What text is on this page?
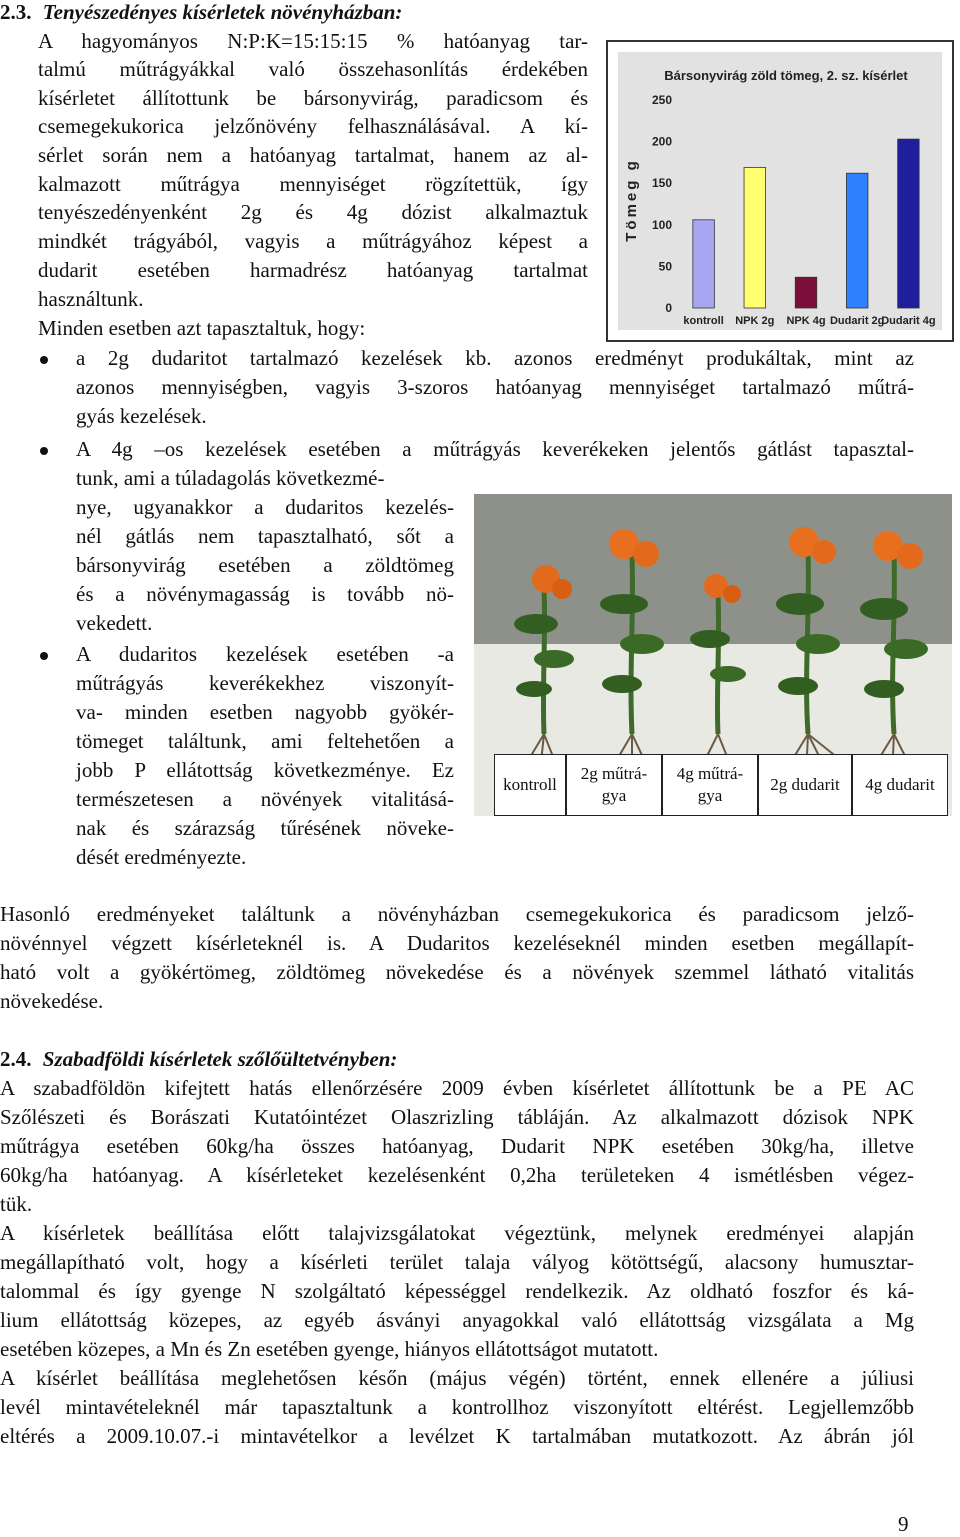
2.3. Tenyészedényes kísérletek növényházban:
A hagyományos N:P:K=15:15:15 % hatóanyag tar-
talmú műtrágyákkal való összehasonlítás érdekében
kísérletet állítottunk be bársonyvirág, paradicsom és
csemegekukorica jelzőnövény felhasználásával. A kí-
sérlet során nem a hatóanyag tartalmat, hanem az al-
kalmazott műtrágya mennyiséget rögzítettük, így
tenyészedényenként 2g és 4g dózist alkalmaztuk
mindkét trágyából, vagyis a műtrágyához képest a
dudarit esetében harmadrész hatóanyag tartalmat
használtunk.
Minden esetben azt tapasztaltuk, hogy:
Bársonyvirág zöld tömeg, 2. sz. kísérlet
Tömeg g
0
50
100
150
200
250
kontroll NPK 2g NPK 4g Dudarit 2g
Dudarit 4g
a 2g dudaritot tartalmazó kezelések kb. azonos eredményt produkáltak, mint az
azonos mennyiségben, vagyis 3-szoros hatóanyag mennyiséget tartalmazó műtrá-
gyás kezelések.
A 4g –os kezelések esetében a műtrágyás keverékeken jelentős gátlást tapasztal-
tunk, ami a túladagolás következmé-
nye, ugyanakkor a dudaritos kezelés-
nél gátlás nem tapasztalható, sőt a
bársonyvirág esetében a zöldtömeg
és a növénymagasság is tovább nö-
vekedett.
A dudaritos kezelések esetében -a
műtrágyás keverékekhez viszonyít-
va- minden esetben nagyobb gyökér-
tömeget találtunk, ami feltehetően a
jobb P ellátottság következménye. Ez
természetesen a növények vitalitásá-
nak és szárazság tűrésének növeke-
dését eredményezte.
kontroll
2g műtrá-
gya
4g műtrá-
gya
2g dudarit	4g dudarit
Hasonló eredményeket találtunk a növényházban csemegekukorica és paradicsom jelző-
növénnyel végzett kísérleteknél is. A Dudaritos kezeléseknél minden esetben megállapít-
ható volt a gyökértömeg, zöldtömeg növekedése és a növények szemmel látható vitalitás
növekedése.
2.4. Szabadföldi kísérletek szőlőültetvényben:
A szabadföldön kifejtett hatás ellenőrzésére 2009 évben kísérletet állítottunk be a PE AC
Szőlészeti és Borászati Kutatóintézet Olaszrizling tábláján. Az alkalmazott dózisok NPK
műtrágya esetében 60kg/ha összes hatóanyag, Dudarit NPK esetében 30kg/ha, illetve
60kg/ha hatóanyag. A kísérleteket kezelésenként 0,2ha területeken 4 ismétlésben végez-
tük.
A kísérletek beállítása előtt talajvizsgálatokat végeztünk, melynek eredményei alapján
megállapítható volt, hogy a kísérleti terület talaja vályog kötöttségű, alacsony humusztar-
talommal és így gyenge N szolgáltató képességgel rendelkezik. Az oldható foszfor és ká-
lium ellátottság közepes, az egyéb ásványi anyagokkal való ellátottság vizsgálata a Mg
esetében közepes, a Mn és Zn esetében gyenge, hiányos ellátottságot mutatott.
A kísérlet beállítása meglehetősen későn (május végén) történt, ennek ellenére a júliusi
levél mintavételeknél már tapasztaltunk a kontrollhoz viszonyított eltérést. Legjellemzőbb
eltérés a 2009.10.07.-i mintavételkor a levélzet K tartalmában mutatkozott. Az ábrán jól
9
